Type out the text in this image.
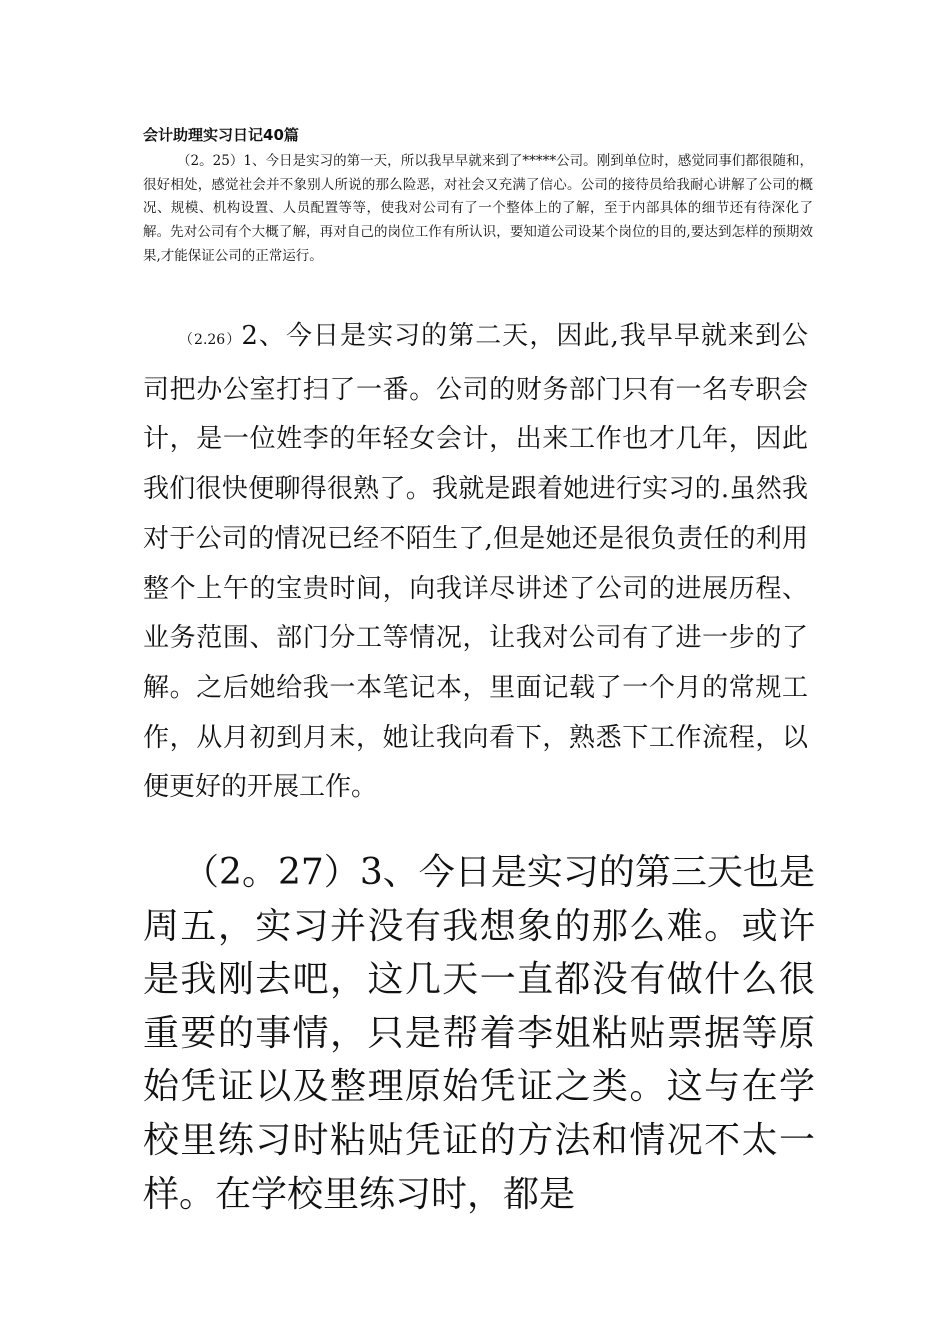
会计助理实习日记40篇

（2。25）1、今日是实习的第一天，所以我早早就来到了*****公司。刚到单位时，感觉同事们都很随和，很好相处，感觉社会并不象别人所说的那么险恶，对社会又充满了信心。公司的接待员给我耐心讲解了公司的概况、规模、机构设置、人员配置等等，使我对公司有了一个整体上的了解，至于内部具体的细节还有待深化了解。先对公司有个大概了解，再对自己的岗位工作有所认识，要知道公司设某个岗位的目的,要达到怎样的预期效果,才能保证公司的正常运行。

（2.26）2、今日是实习的第二天，因此,我早早就来到公司把办公室打扫了一番。公司的财务部门只有一名专职会计，是一位姓李的年轻女会计，出来工作也才几年，因此我们很快便聊得很熟了。我就是跟着她进行实习的.虽然我对于公司的情况已经不陌生了,但是她还是很负责任的利用整个上午的宝贵时间，向我详尽讲述了公司的进展历程、业务范围、部门分工等情况，让我对公司有了进一步的了解。之后她给我一本笔记本，里面记载了一个月的常规工作，从月初到月末，她让我向看下，熟悉下工作流程，以便更好的开展工作。

（2。27）3、今日是实习的第三天也是周五，实习并没有我想象的那么难。或许是我刚去吧，这几天一直都没有做什么很重要的事情，只是帮着李姐粘贴票据等原始凭证以及整理原始凭证之类。这与在学校里练习时粘贴凭证的方法和情况不太一样。在学校里练习时，都是
